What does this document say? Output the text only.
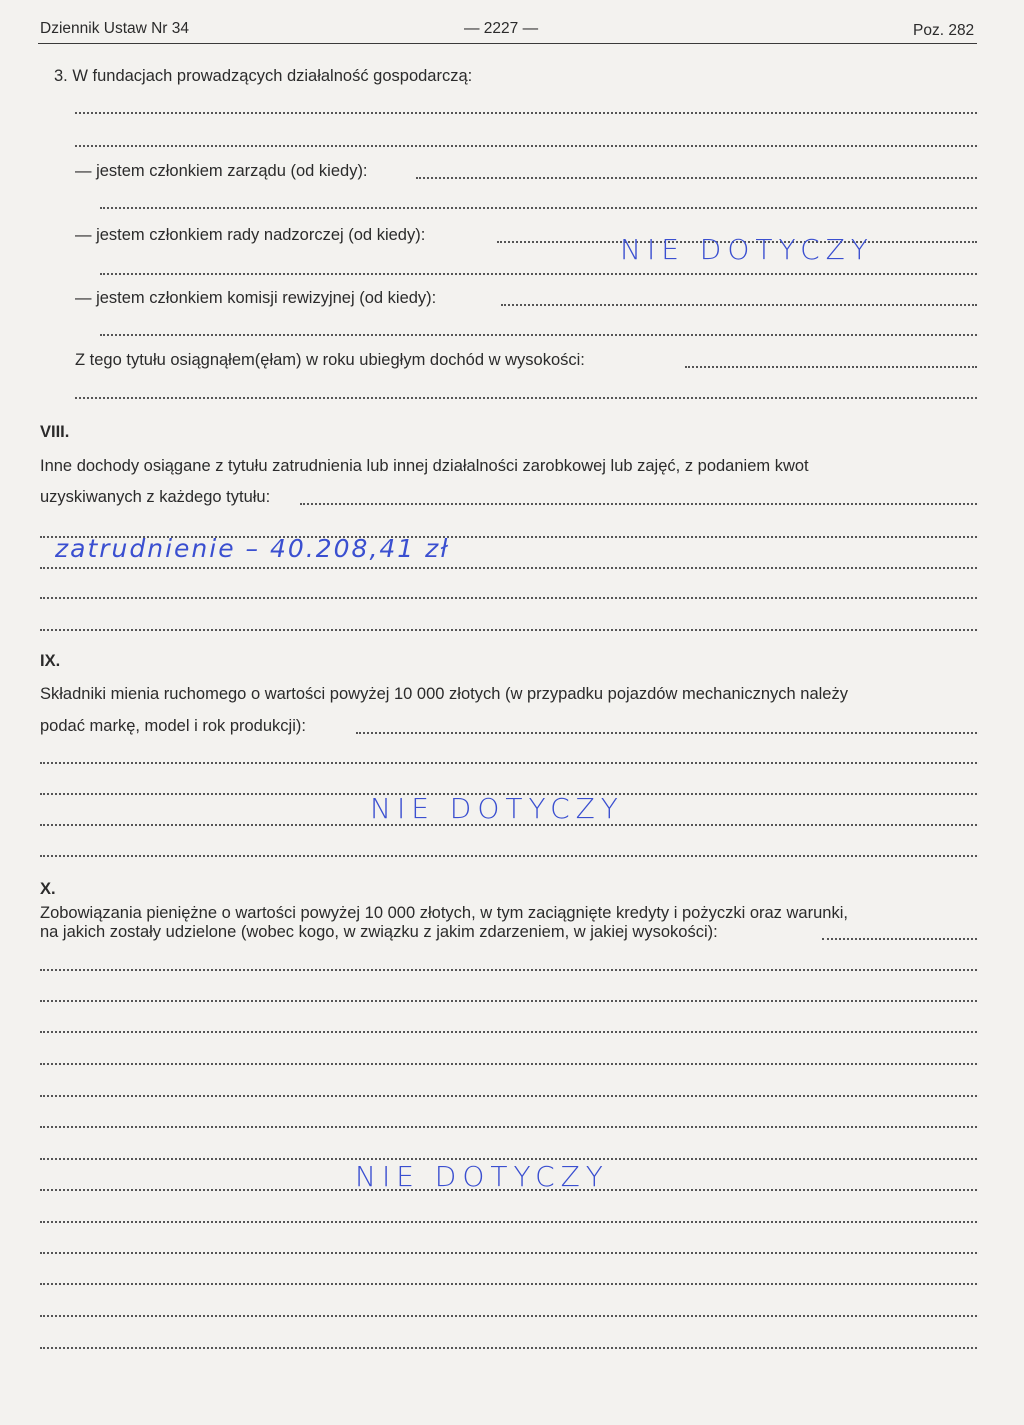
Dziennik Ustaw Nr 34	— 2227 —	Poz. 282
3. W fundacjach prowadzących działalność gospodarczą:
— jestem członkiem zarządu (od kiedy):
— jestem członkiem rady nadzorczej (od kiedy):	NIE DOTYCZY
— jestem członkiem komisji rewizyjnej (od kiedy):
Z tego tytułu osiągnąłem(ęłam) w roku ubiegłym dochód w wysokości:
VIII.
Inne dochody osiągane z tytułu zatrudnienia lub innej działalności zarobkowej lub zajęć, z podaniem kwot
uzyskiwanych z każdego tytułu:
zatrudnienie – 40.208,41 zł
IX.
Składniki mienia ruchomego o wartości powyżej 10 000 złotych (w przypadku pojazdów mechanicznych należy
podać markę, model i rok produkcji):
NIE DOTYCZY
X.
Zobowiązania pieniężne o wartości powyżej 10 000 złotych, w tym zaciągnięte kredyty i pożyczki oraz warunki,
na jakich zostały udzielone (wobec kogo, w związku z jakim zdarzeniem, w jakiej wysokości):
NIE DOTYCZY
